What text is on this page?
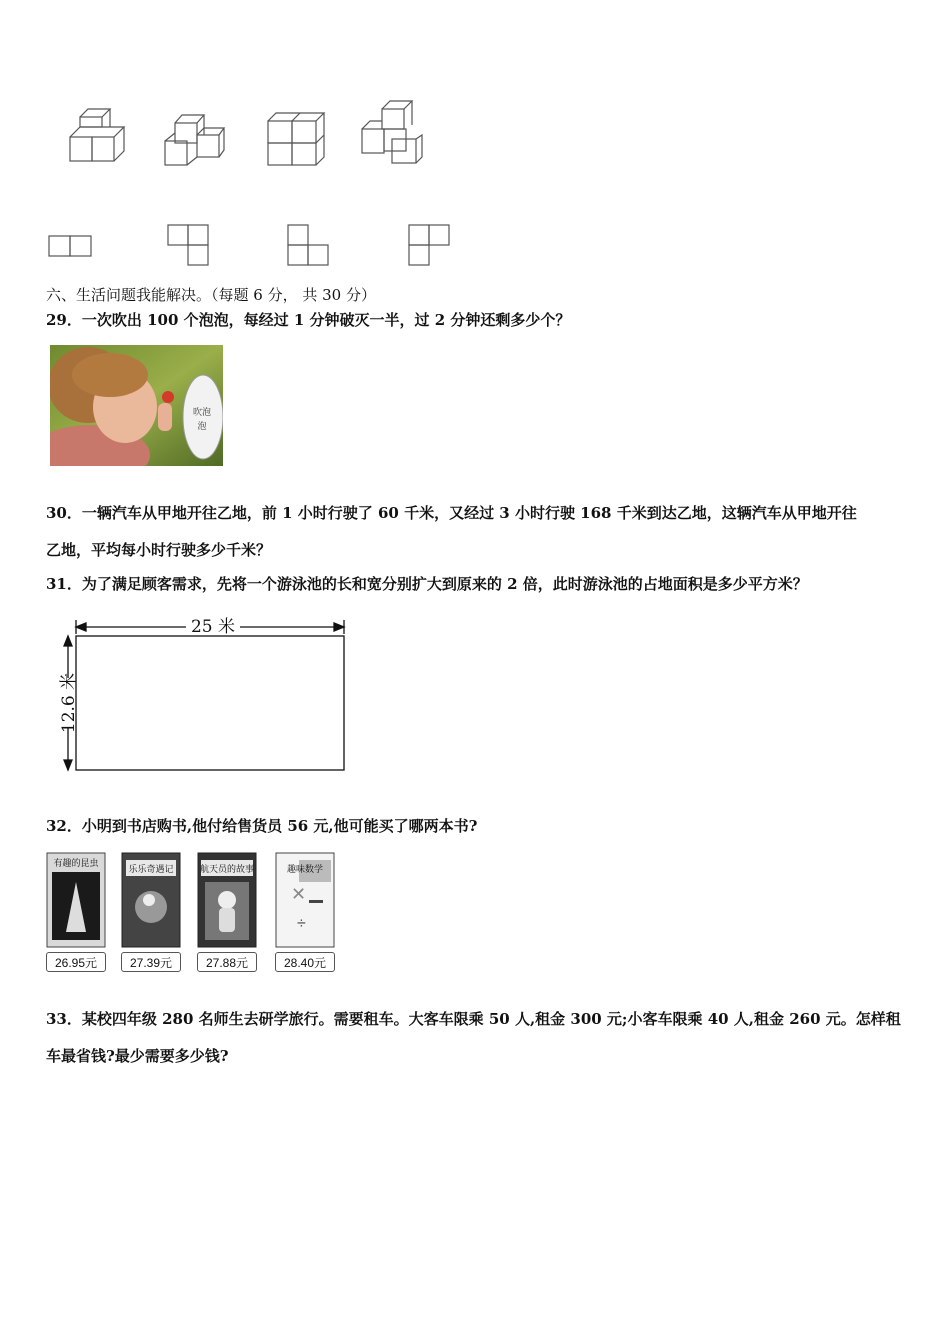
六、生活问题我能解决。（每题 6 分， 共 30 分）
29．一次吹出 100 个泡泡，每经过 1 分钟破灭一半，过 2 分钟还剩多少个？
吹泡
泡
30．一辆汽车从甲地开往乙地，前 1 小时行驶了 60 千米，又经过 3 小时行驶 168 千米到达乙地，这辆汽车从甲地开往
乙地，平均每小时行驶多少千米？
31．为了满足顾客需求，先将一个游泳池的长和宽分别扩大到原来的 2 倍，此时游泳池的占地面积是多少平方米？
25 米
12.6 米
32．小明到书店购书,他付给售货员 56 元,他可能买了哪两本书?
有趣的昆虫
26.95元
乐乐奇遇记
27.39元
航天员的故事
27.88元
✕
÷
趣味数学
28.40元
33．某校四年级 280 名师生去研学旅行。需要租车。大客车限乘 50 人,租金 300 元;小客车限乘 40 人,租金 260 元。怎样租
车最省钱?最少需要多少钱?
